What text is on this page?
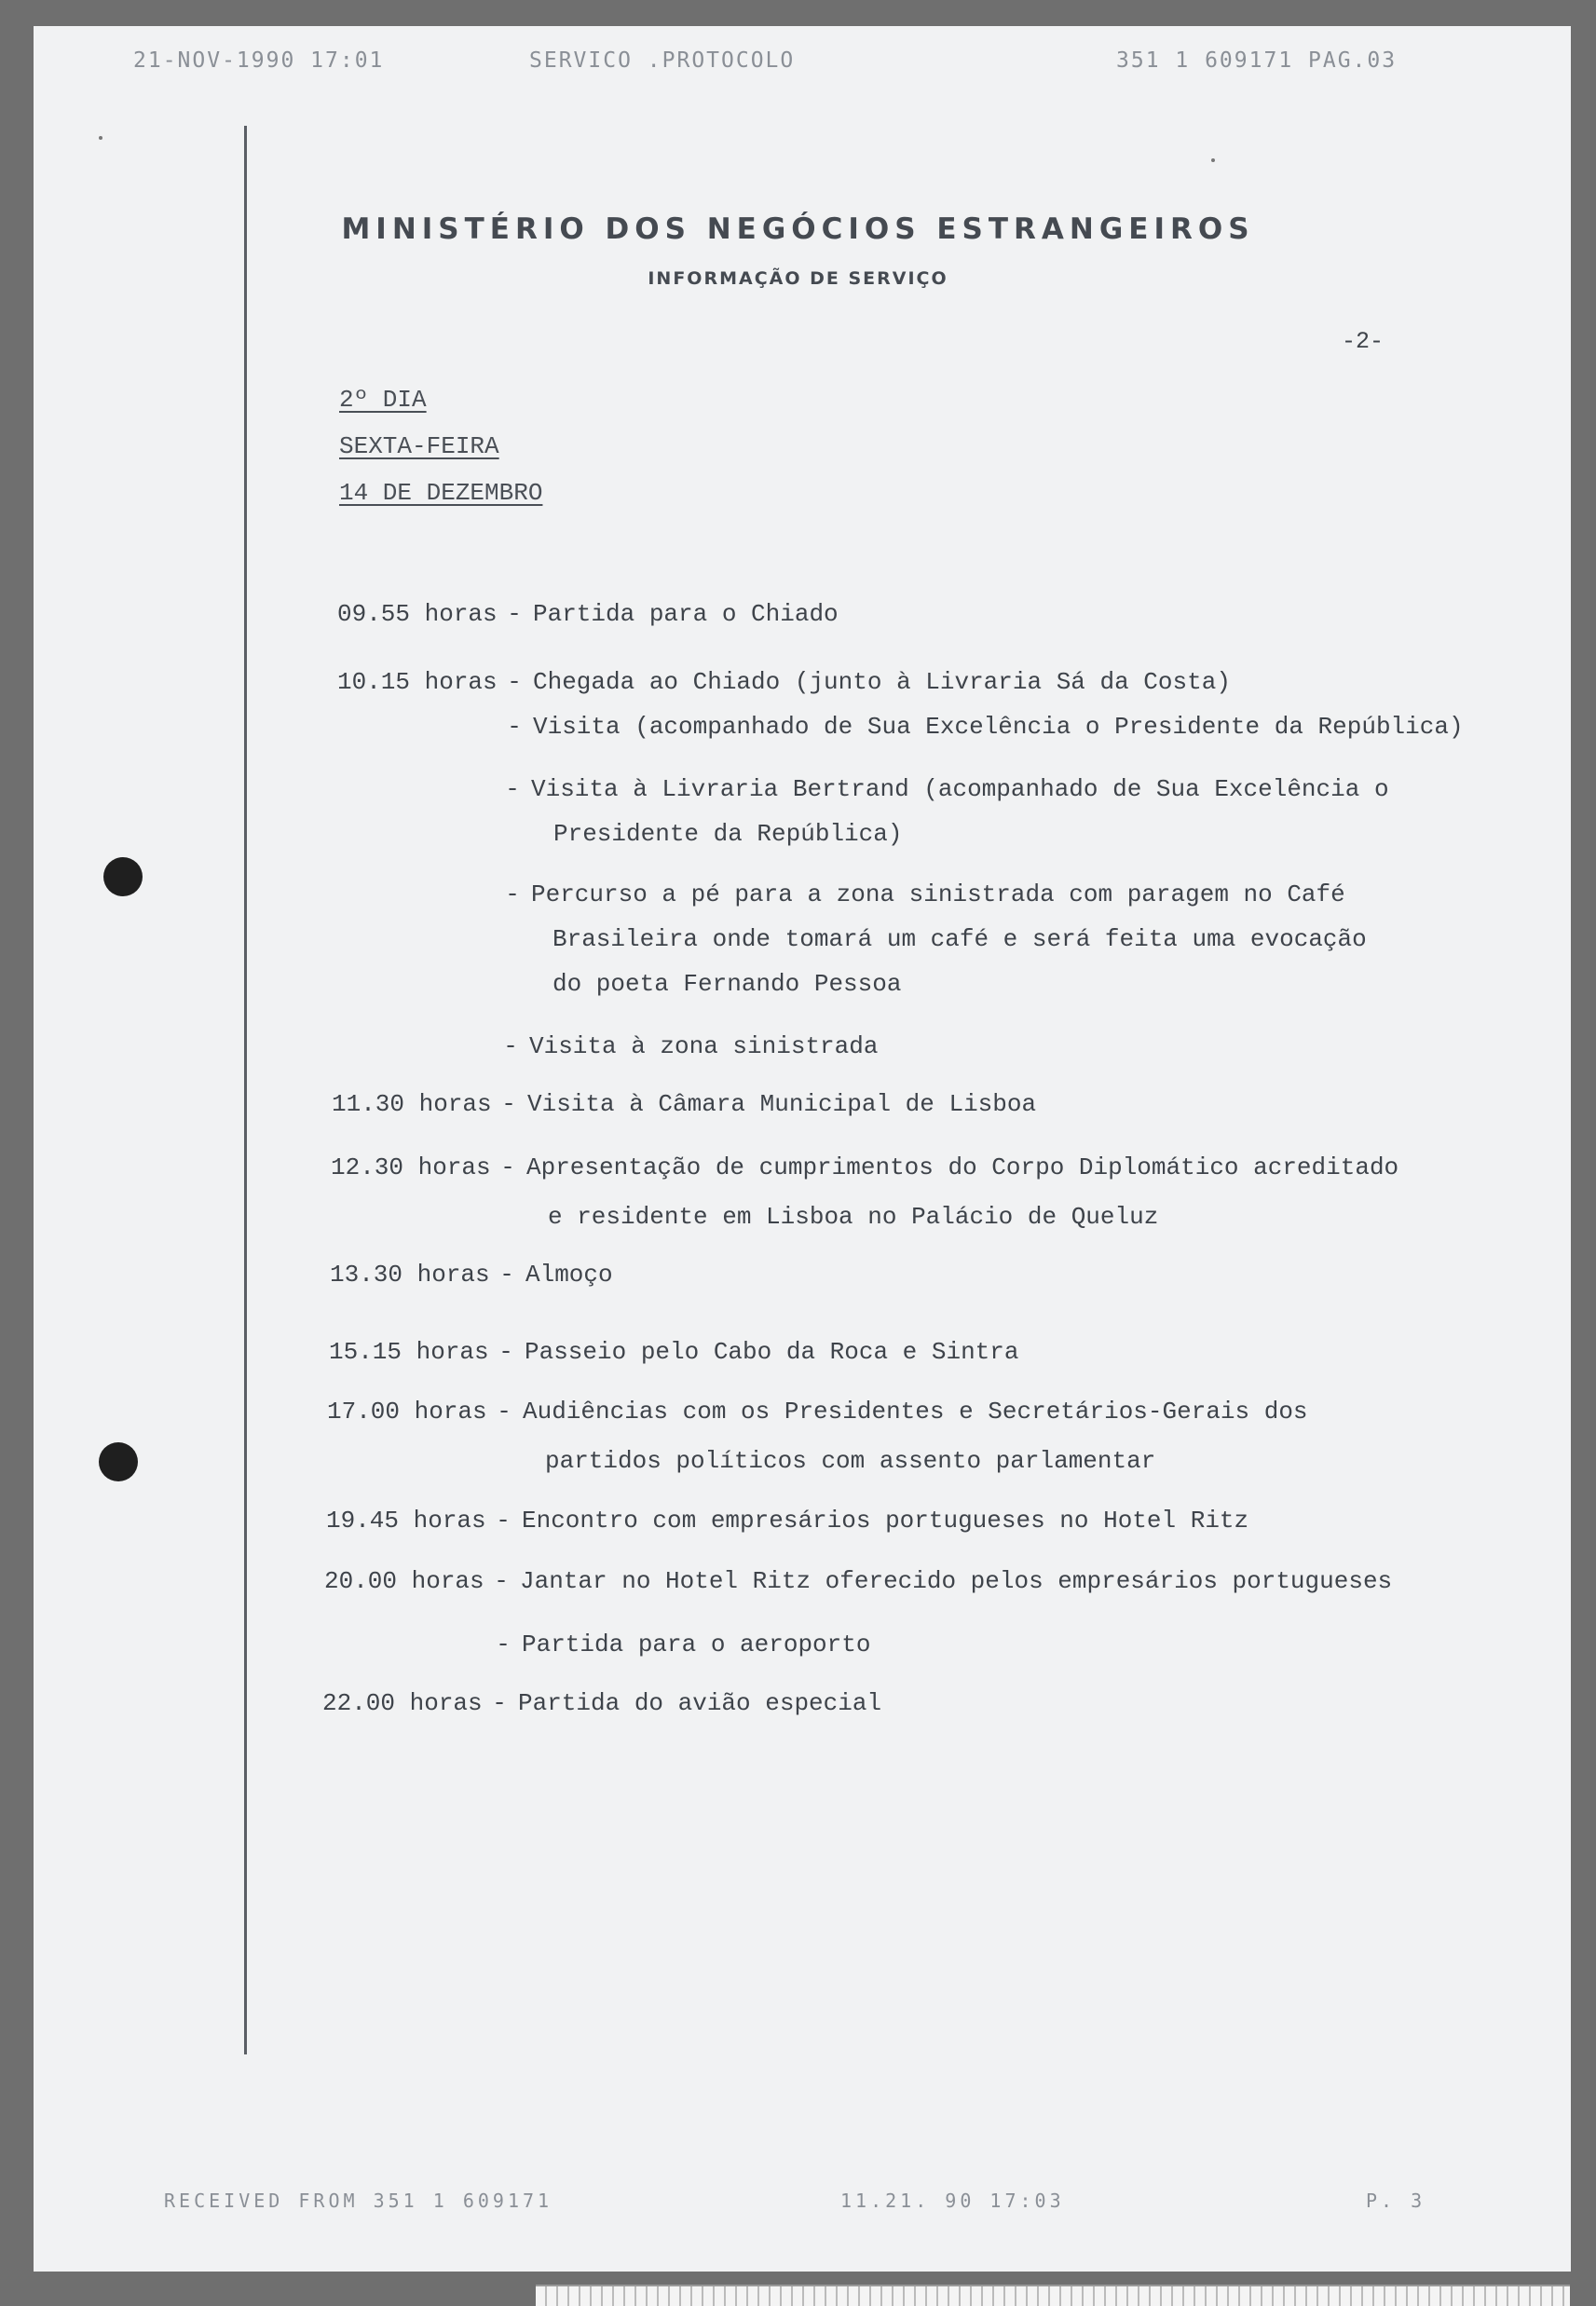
21-NOV-1990 17:01	SERVICO .PROTOCOLO	351 1 609171 PAG.03
MINISTÉRIO DOS NEGÓCIOS ESTRANGEIROS
INFORMAÇÃO DE SERVIÇO
-2-
2º DIA
SEXTA-FEIRA
14 DE DEZEMBRO
09.55 horas - Partida para o Chiado
10.15 horas - Chegada ao Chiado (junto à Livraria Sá da Costa)
- Visita (acompanhado de Sua Excelência o Presidente da República)
- Visita à Livraria Bertrand (acompanhado de Sua Excelência o
Presidente da República)
- Percurso a pé para a zona sinistrada com paragem no Café
Brasileira onde tomará um café e será feita uma evocação
do poeta Fernando Pessoa
- Visita à zona sinistrada
11.30 horas - Visita à Câmara Municipal de Lisboa
12.30 horas - Apresentação de cumprimentos do Corpo Diplomático acreditado
e residente em Lisboa no Palácio de Queluz
13.30 horas - Almoço
15.15 horas - Passeio pelo Cabo da Roca e Sintra
17.00 horas - Audiências com os Presidentes e Secretários-Gerais dos
partidos políticos com assento parlamentar
19.45 horas - Encontro com empresários portugueses no Hotel Ritz
20.00 horas - Jantar no Hotel Ritz oferecido pelos empresários portugueses
- Partida para o aeroporto
22.00 horas - Partida do avião especial
RECEIVED FROM 351 1 609171	11.21. 90 17:03	P. 3
